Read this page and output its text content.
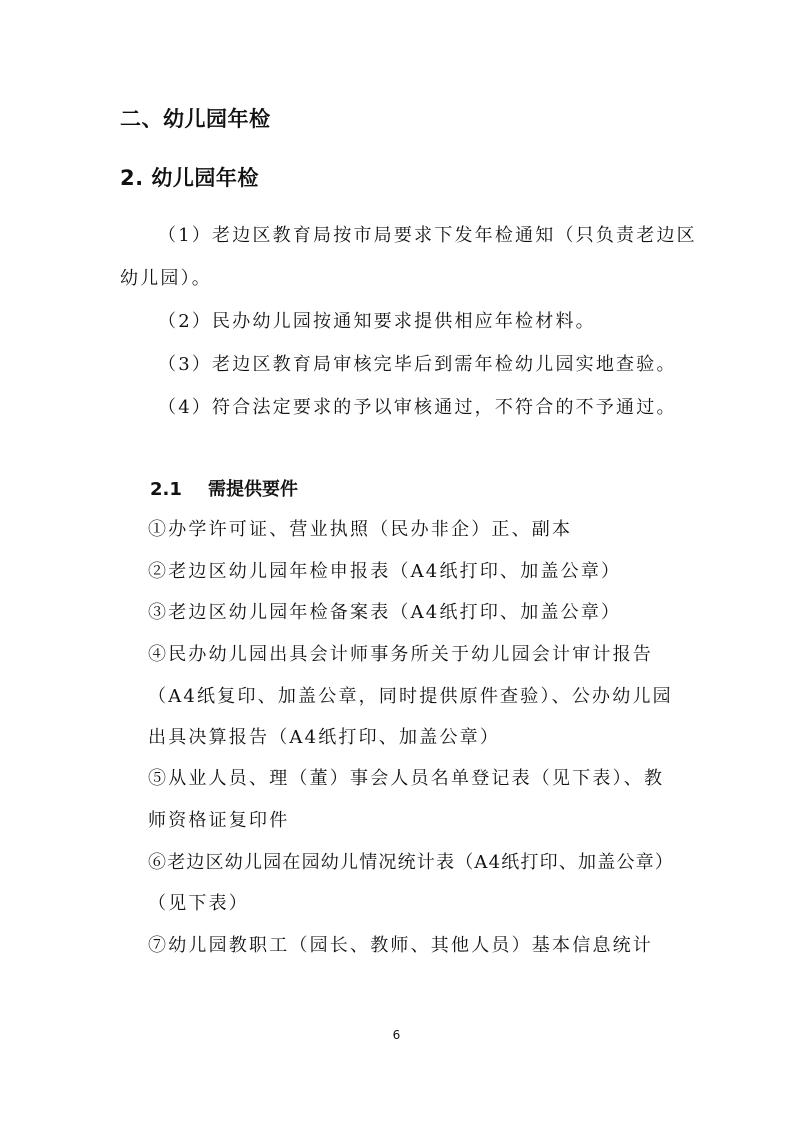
二、幼儿园年检
2. 幼儿园年检
（1）老边区教育局按市局要求下发年检通知（只负责老边区
幼儿园）。
（2）民办幼儿园按通知要求提供相应年检材料。
（3）老边区教育局审核完毕后到需年检幼儿园实地查验。
（4）符合法定要求的予以审核通过，不符合的不予通过。
2.1 需提供要件
①办学许可证、营业执照（民办非企）正、副本
②老边区幼儿园年检申报表（A4纸打印、加盖公章）
③老边区幼儿园年检备案表（A4纸打印、加盖公章）
④民办幼儿园出具会计师事务所关于幼儿园会计审计报告
（A4纸复印、加盖公章，同时提供原件查验）、公办幼儿园
出具决算报告（A4纸打印、加盖公章）
⑤从业人员、理（董）事会人员名单登记表（见下表）、教
师资格证复印件
⑥老边区幼儿园在园幼儿情况统计表（A4纸打印、加盖公章）
（见下表）
⑦幼儿园教职工（园长、教师、其他人员）基本信息统计
6
